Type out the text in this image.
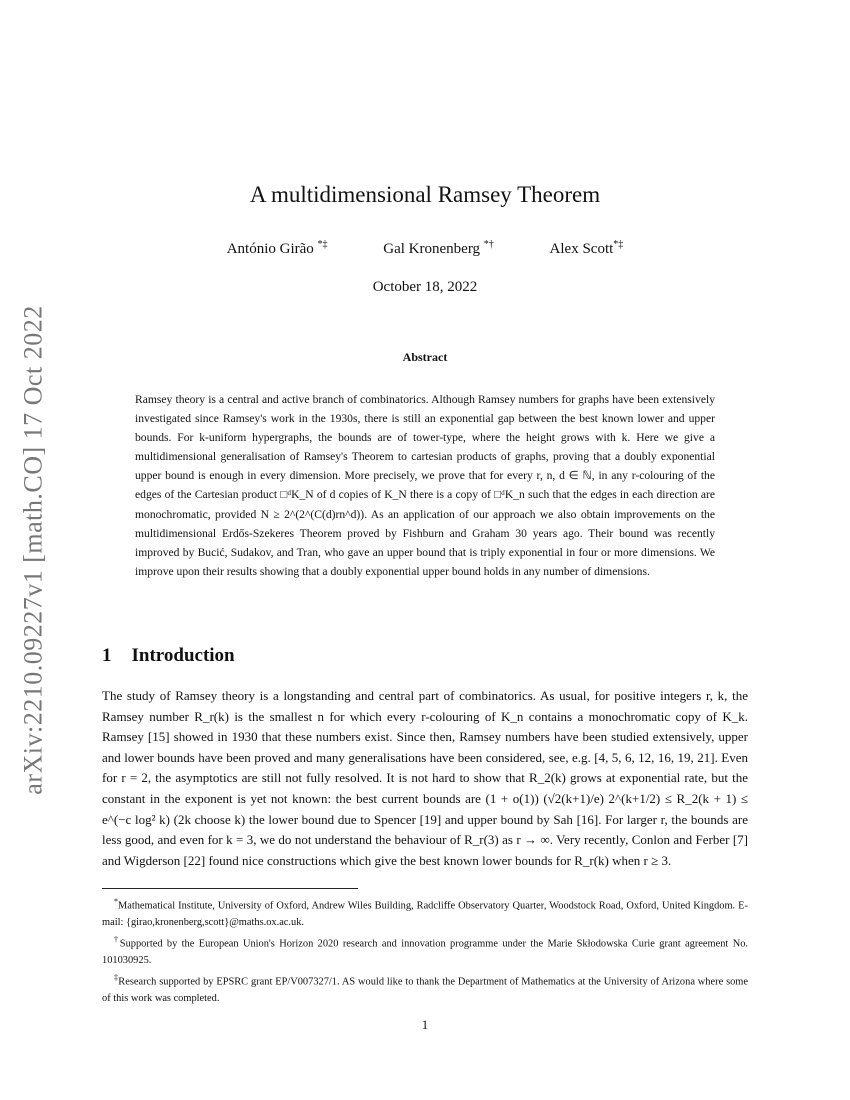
arXiv:2210.09227v1 [math.CO] 17 Oct 2022
A multidimensional Ramsey Theorem
António Girão *‡	Gal Kronenberg *†	Alex Scott*‡
October 18, 2022
Abstract
Ramsey theory is a central and active branch of combinatorics. Although Ramsey numbers for graphs have been extensively investigated since Ramsey's work in the 1930s, there is still an exponential gap between the best known lower and upper bounds. For k-uniform hypergraphs, the bounds are of tower-type, where the height grows with k. Here we give a multidimensional generalisation of Ramsey's Theorem to cartesian products of graphs, proving that a doubly exponential upper bound is enough in every dimension. More precisely, we prove that for every r, n, d ∈ ℕ, in any r-colouring of the edges of the Cartesian product □ᵈK_N of d copies of K_N there is a copy of □ᵈK_n such that the edges in each direction are monochromatic, provided N ≥ 2^(2^(C(d)rn^d)). As an application of our approach we also obtain improvements on the multidimensional Erdős-Szekeres Theorem proved by Fishburn and Graham 30 years ago. Their bound was recently improved by Bucić, Sudakov, and Tran, who gave an upper bound that is triply exponential in four or more dimensions. We improve upon their results showing that a doubly exponential upper bound holds in any number of dimensions.
1 Introduction
The study of Ramsey theory is a longstanding and central part of combinatorics. As usual, for positive integers r, k, the Ramsey number R_r(k) is the smallest n for which every r-colouring of K_n contains a monochromatic copy of K_k. Ramsey [15] showed in 1930 that these numbers exist. Since then, Ramsey numbers have been studied extensively, upper and lower bounds have been proved and many generalisations have been considered, see, e.g. [4, 5, 6, 12, 16, 19, 21]. Even for r = 2, the asymptotics are still not fully resolved. It is not hard to show that R_2(k) grows at exponential rate, but the constant in the exponent is yet not known: the best current bounds are (1 + o(1)) (√2(k+1)/e) 2^(k+1/2) ≤ R_2(k + 1) ≤ e^(−c log² k) (2k choose k) the lower bound due to Spencer [19] and upper bound by Sah [16]. For larger r, the bounds are less good, and even for k = 3, we do not understand the behaviour of R_r(3) as r → ∞. Very recently, Conlon and Ferber [7] and Wigderson [22] found nice constructions which give the best known lower bounds for R_r(k) when r ≥ 3.

*Mathematical Institute, University of Oxford, Andrew Wiles Building, Radcliffe Observatory Quarter, Woodstock Road, Oxford, United Kingdom. E-mail: {girao,kronenberg,scott}@maths.ox.ac.uk.

†Supported by the European Union's Horizon 2020 research and innovation programme under the Marie Skłodowska Curie grant agreement No. 101030925.

‡Research supported by EPSRC grant EP/V007327/1. AS would like to thank the Department of Mathematics at the University of Arizona where some of this work was completed.

1
